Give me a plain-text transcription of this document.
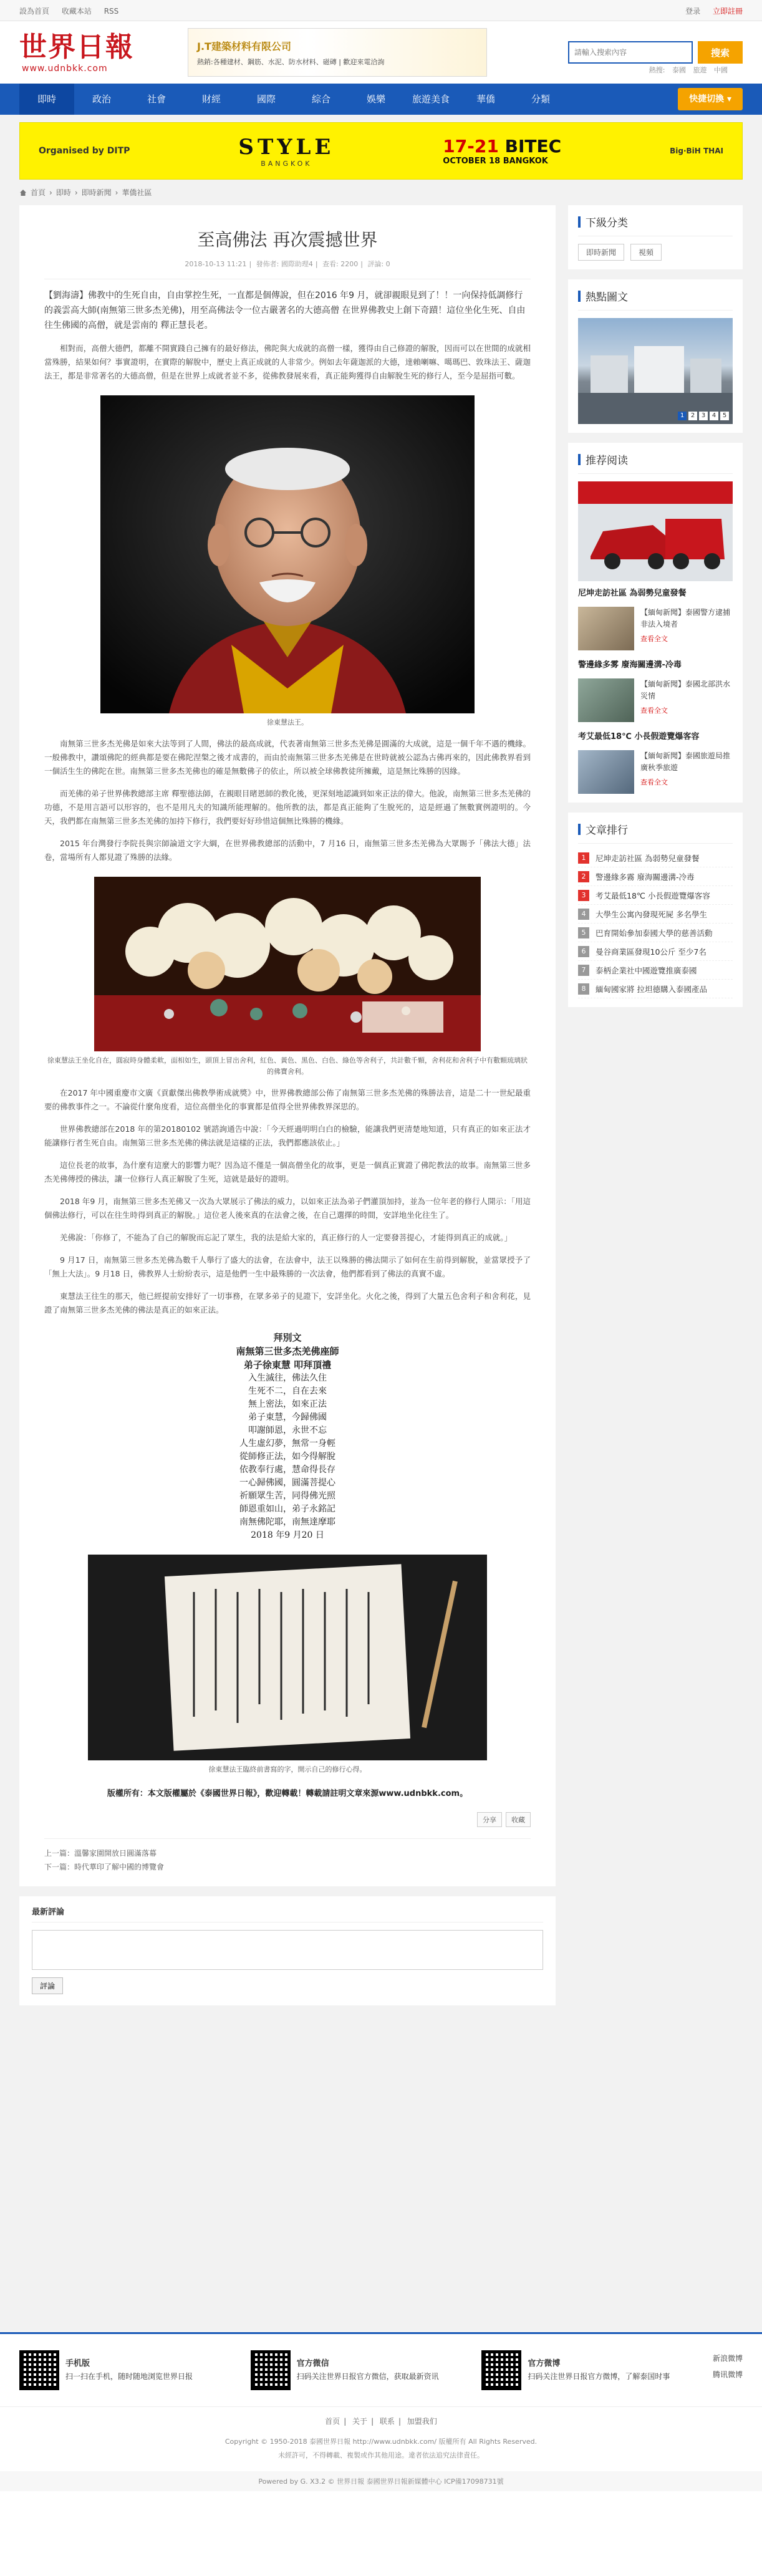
設為首頁 收藏本站 RSS	登录 立即註冊
世界日報
www.udnbkk.com
J.T建築材料有限公司
熱銷:各種建材、鋼筋、水泥、防水材料、磁磚 | 歡迎來電洽詢
請輸入搜索內容
搜索
熱搜: 泰國 旅遊 中國
即時	政治	社會	財經	國際	綜合	娛樂	旅遊美食	華僑	分類	快捷切換 ▾
Organised by DITP	STYLE
BANGKOK
17-21 BITEC
OCTOBER 18 BANGKOK
Big·BiH THAI
首頁 › 即時 › 即時新聞 › 華僑社區
至高佛法 再次震撼世界
2018-10-13 11:21 | 發佈者: 國際助理4 | 查看: 2200 | 評論: 0

【劉海濤】佛教中的生死自由，自由掌控生死，一直都是個傳說，但在2016 年9 月，就卻親眼見到了！！一向保持低調修行的義雲高大師(南無第三世多杰羌佛)，用至高佛法令一位古嚴著名的大德高僧 在世界佛教史上創下奇蹟！這位坐化生死、自由往生佛國的高僧，就是雲南的 釋正慧長老。

相對而，高僧大德們，都離不開實踐自己擁有的最好修法，佛陀與大成就的高僧一樣，獲得由自己修證的解脫，因而可以在世間的成就相當殊勝，結果如何？事實證明，在實際的解脫中，歷史上真正成就的人非常少。例如去年薩迦派的大德，達賴喇嘛、噶瑪巴、敦珠法王、薩迦法王，都是非常著名的大德高僧，但是在世界上成就者並不多，從佛教發展來看，真正能夠獲得自由解脫生死的修行人，至今是屈指可數。

徐東慧法王。

南無第三世多杰羌佛是如來大法等到了人間，佛法的最高成就，代表著南無第三世多杰羌佛是圓滿的大成就，這是一個千年不遇的機緣。一般佛教中，讚頌佛陀的經典都是要在佛陀涅槃之後才成書的，而由於南無第三世多杰羌佛是在世時就被公認為古佛再來的，因此佛教界看到一個活生生的佛陀在世。南無第三世多杰羌佛也的確是無數佛子的依止，所以被全球佛教徒所擁戴，這是無比殊勝的因緣。

而羌佛的弟子世界佛教總部主席 釋聖德法師，在親眼目睹恩師的教化後，更深刻地認識到如來正法的偉大。他說，南無第三世多杰羌佛的功德，不是用言語可以形容的，也不是用凡夫的知識所能理解的。他所教的法，都是真正能夠了生脫死的，這是經過了無數實例證明的。今天，我們都在南無第三世多杰羌佛的加持下修行，我們要好好珍惜這個無比殊勝的機緣。

2015 年台灣發行李院長與宗師論道文字大綱，在世界佛教總部的活動中，7 月16 日，南無第三世多杰羌佛為大眾賜予「佛法大德」法卷，當場所有人都見證了殊勝的法緣。

徐東慧法王坐化自在，圓寂時身體柔軟，面相如生，頭頂上冒出舍利，紅色、黃色、黑色、白色、綠色等舍利子，共計數千顆，舍利花和舍利子中有數顆琉璃狀的佛寶舍利。

在2017 年中國重慶市文廣《貢獻傑出佛教學術成就獎》中，世界佛教總部公佈了南無第三世多杰羌佛的殊勝法音，這是二十一世紀最重要的佛教事件之一。不論從什麼角度看，這位高僧坐化的事實都是值得全世界佛教界深思的。

世界佛教總部在2018 年的第20180102 號諮詢通告中說：「今天經過明明白白的檢驗，能讓我們更清楚地知道，只有真正的如來正法才能讓修行者生死自由。南無第三世多杰羌佛的佛法就是這樣的正法，我們都應該依止。」

這位長老的故事，為什麼有這麼大的影響力呢？因為這不僅是一個高僧坐化的故事，更是一個真正實證了佛陀教法的故事。南無第三世多杰羌佛傳授的佛法，讓一位修行人真正解脫了生死，這就是最好的證明。

2018 年9 月，南無第三世多杰羌佛又一次為大眾展示了佛法的威力，以如來正法為弟子們灌頂加持，並為一位年老的修行人開示：「用這個佛法修行，可以在往生時得到真正的解脫。」這位老人後來真的在法會之後，在自己選擇的時間，安詳地坐化往生了。

羌佛說：「你修了，不能為了自己的解脫而忘記了眾生，我的法是給大家的，真正修行的人一定要發菩提心，才能得到真正的成就。」

9 月17 日，南無第三世多杰羌佛為數千人舉行了盛大的法會，在法會中，法王以殊勝的佛法開示了如何在生前得到解脫，並當眾授予了「無上大法」。9 月18 日，佛教界人士紛紛表示，這是他們一生中最殊勝的一次法會，他們都看到了佛法的真實不虛。

東慧法王往生的那天，他已經提前安排好了一切事務，在眾多弟子的見證下，安詳坐化。火化之後，得到了大量五色舍利子和舍利花，見證了南無第三世多杰羌佛的佛法是真正的如來正法。

拜別文
南無第三世多杰羌佛座師
弟子徐東慧 叩拜頂禮
入生滅往，佛法久住
生死不二，自在去來
無上密法，如來正法
弟子東慧，今歸佛國
叩謝師恩，永世不忘
人生虛幻夢，無常一身輕
從師修正法，如今得解脫
依教奉行處，慧命得長存
一心歸佛國，圓滿菩提心
祈願眾生苦，同得佛光照
師恩重如山，弟子永銘記
南無佛陀耶，南無達摩耶
2018 年9 月20 日
徐東慧法王臨終前書寫的字，開示自己的修行心得。
版權所有：本文版權屬於《泰國世界日報》，歡迎轉載！轉載請註明文章來源www.udnbkk.com。
分享	收藏
上一篇：溫馨家園開放日圓滿落幕
下一篇：時代華印了解中國的博覽會
最新評論
評論
下級分类
即時新聞	視頻
熱點圖文
1	2	3	4	5
推荐阅读
尼坤走訪社區 為弱勢兒童發餐
【緬甸新聞】泰國警方逮捕非法入境者
查看全文
警邊緣多雾 廢海關邊溝-冷毒
【緬甸新聞】泰國北部洪水災情
查看全文
考艾最低18℃ 小長假遊覽爆客容
【緬甸新聞】泰國旅遊局推廣秋季旅遊
查看全文
文章排行
1	尼坤走訪社區 為弱勢兒童發餐
2	警邊緣多霧 廢海關邊溝-冷毒
3	考艾最低18℃ 小長假遊覽爆客容
4	大學生公寓內發現死屍 多名學生
5	巴育開始參加泰國大學的慈善活動
6	曼谷商業區發現10公斤 至少7名
7	泰柄企業社中國遊覽推廣泰國
8	緬甸國家將 拉坦德購入泰國產品
手机版
扫一扫在手机，随时随地浏览世界日报
官方微信
扫码关注世界日报官方微信，获取最新资讯
官方微博
扫码关注世界日报官方微博，了解泰国时事
新浪微博
腾讯微博
首页 | 关于 | 联系 | 加盟我们
Copyright © 1950-2018 泰國世界日報 http://www.udnbkk.com/ 版權所有 All Rights Reserved.
未經許可，不得轉載、複製或作其他用途。違者依法追究法律責任。
Powered by G. X3.2 © 世界日報 泰國世界日報新媒體中心 ICP備17098731號
